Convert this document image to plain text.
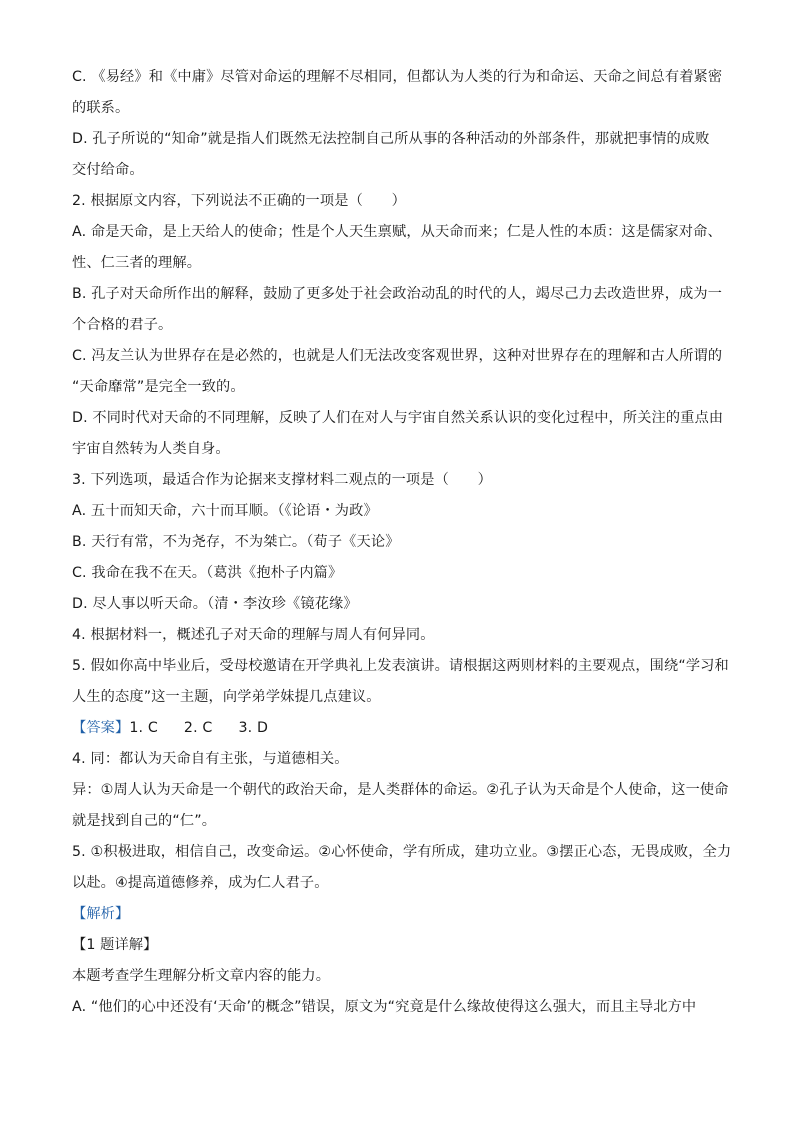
C. 《易经》和《中庸》尽管对命运的理解不尽相同，但都认为人类的行为和命运、天命之间总有着紧密
的联系。
D. 孔子所说的“知命”就是指人们既然无法控制自己所从事的各种活动的外部条件，那就把事情的成败
交付给命。
2. 根据原文内容，下列说法不正确的一项是（　　）
A. 命是天命，是上天给人的使命；性是个人天生禀赋，从天命而来；仁是人性的本质：这是儒家对命、
性、仁三者的理解。
B. 孔子对天命所作出的解释，鼓励了更多处于社会政治动乱的时代的人，竭尽己力去改造世界，成为一
个合格的君子。
C. 冯友兰认为世界存在是必然的，也就是人们无法改变客观世界，这种对世界存在的理解和古人所谓的
“天命靡常”是完全一致的。
D. 不同时代对天命的不同理解，反映了人们在对人与宇宙自然关系认识的变化过程中，所关注的重点由
宇宙自然转为人类自身。
3. 下列选项，最适合作为论据来支撑材料二观点的一项是（　　）
A. 五十而知天命，六十而耳顺。（《论语・为政》
B. 天行有常，不为尧存，不为桀亡。（荀子《天论》
C. 我命在我不在天。（葛洪《抱朴子内篇》
D. 尽人事以听天命。（清・李汝珍《镜花缘》
4. 根据材料一，概述孔子对天命的理解与周人有何异同。
5. 假如你高中毕业后，受母校邀请在开学典礼上发表演讲。请根据这两则材料的主要观点，围绕“学习和
人生的态度”这一主题，向学弟学妹提几点建议。
【答案】1. C 2. C 3. D
4. 同：都认为天命自有主张，与道德相关。
异：①周人认为天命是一个朝代的政治天命，是人类群体的命运。②孔子认为天命是个人使命，这一使命
就是找到自己的“仁”。
5. ①积极进取，相信自己，改变命运。②心怀使命，学有所成，建功立业。③摆正心态，无畏成败，全力
以赴。④提高道德修养，成为仁人君子。
【解析】
【1 题详解】
本题考查学生理解分析文章内容的能力。
A. “他们的心中还没有‘天命’的概念”错误，原文为“究竟是什么缘故使得这么强大，而且主导北方中
